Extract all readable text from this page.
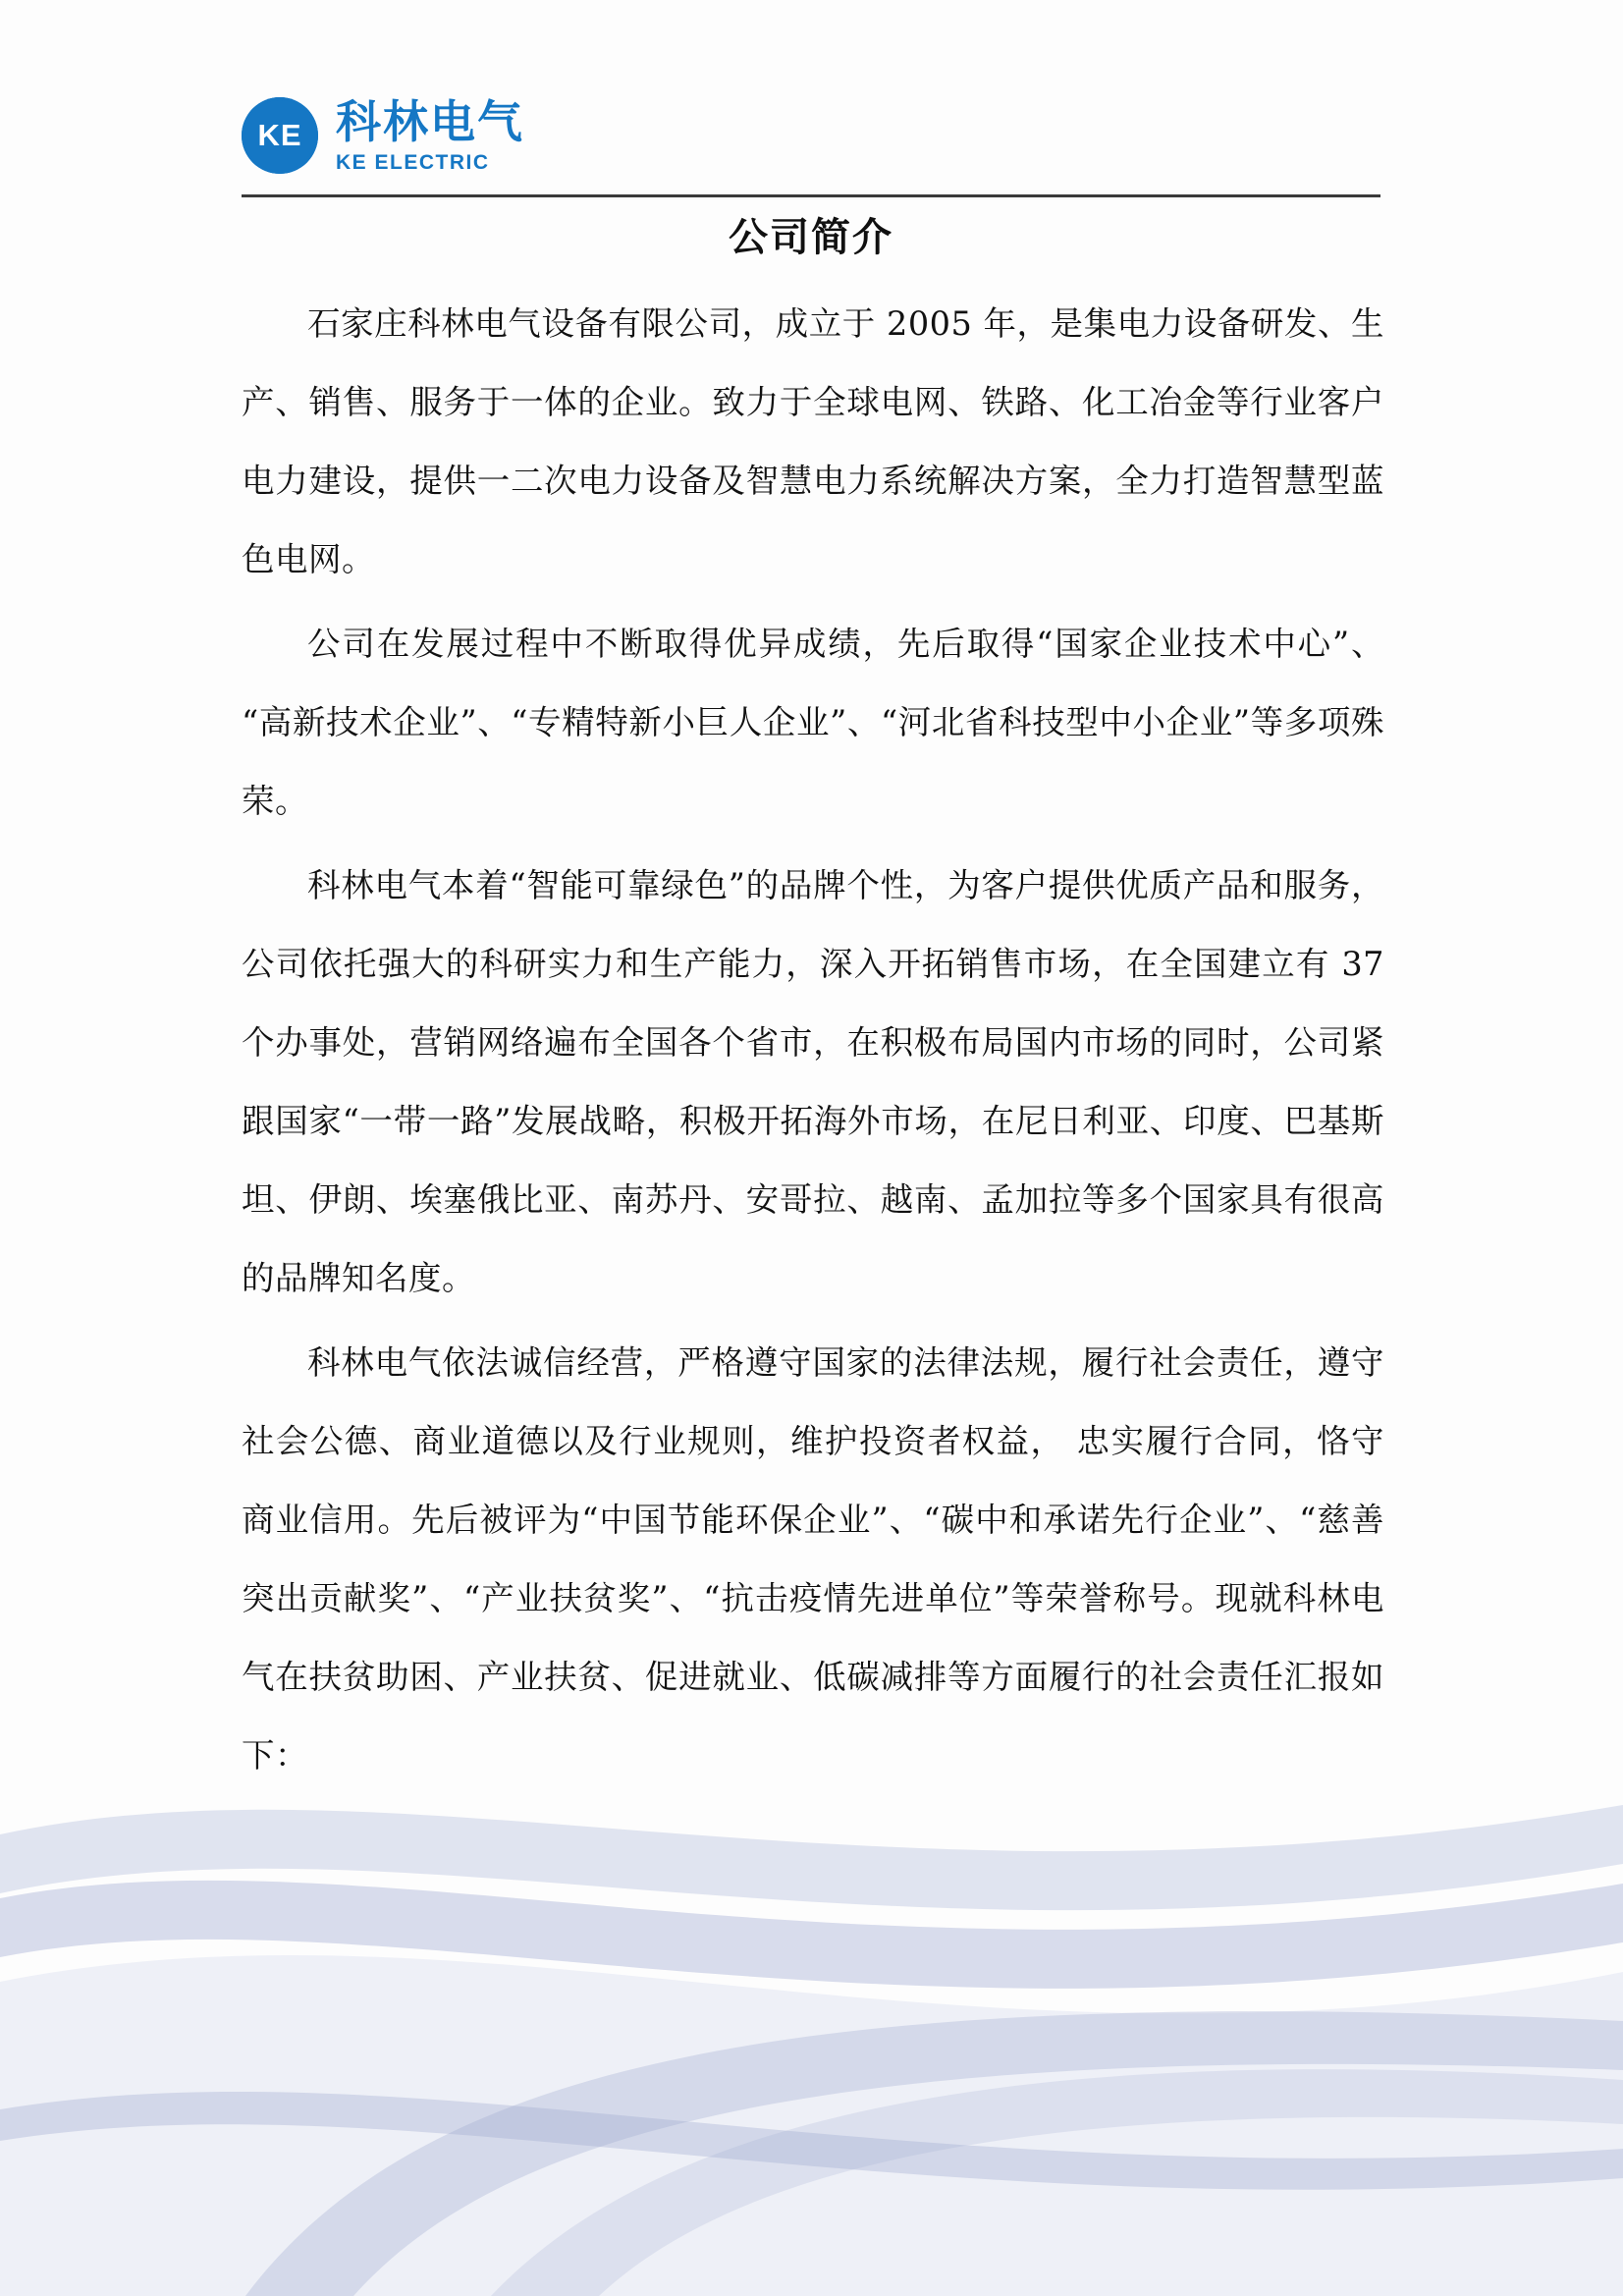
KE 科林电气
KE ELECTRIC
公司简介

石家庄科林电气设备有限公司，成立于 2005 年，是集电力设备研发、生产、销售、服务于一体的企业。致力于全球电网、铁路、化工冶金等行业客户电力建设，提供一二次电力设备及智慧电力系统解决方案，全力打造智慧型蓝色电网。

公司在发展过程中不断取得优异成绩，先后取得“国家企业技术中心”、“高新技术企业”、“专精特新小巨人企业”、“河北省科技型中小企业”等多项殊荣。

科林电气本着“智能可靠绿色”的品牌个性，为客户提供优质产品和服务，公司依托强大的科研实力和生产能力，深入开拓销售市场，在全国建立有 37 个办事处，营销网络遍布全国各个省市，在积极布局国内市场的同时，公司紧跟国家“一带一路”发展战略，积极开拓海外市场，在尼日利亚、印度、巴基斯坦、伊朗、埃塞俄比亚、南苏丹、安哥拉、越南、孟加拉等多个国家具有很高的品牌知名度。

科林电气依法诚信经营，严格遵守国家的法律法规，履行社会责任，遵守社会公德、商业道德以及行业规则，维护投资者权益， 忠实履行合同，恪守商业信用。先后被评为“中国节能环保企业”、“碳中和承诺先行企业”、“慈善突出贡献奖”、“产业扶贫奖”、“抗击疫情先进单位”等荣誉称号。现就科林电气在扶贫助困、产业扶贫、促进就业、低碳减排等方面履行的社会责任汇报如下：
